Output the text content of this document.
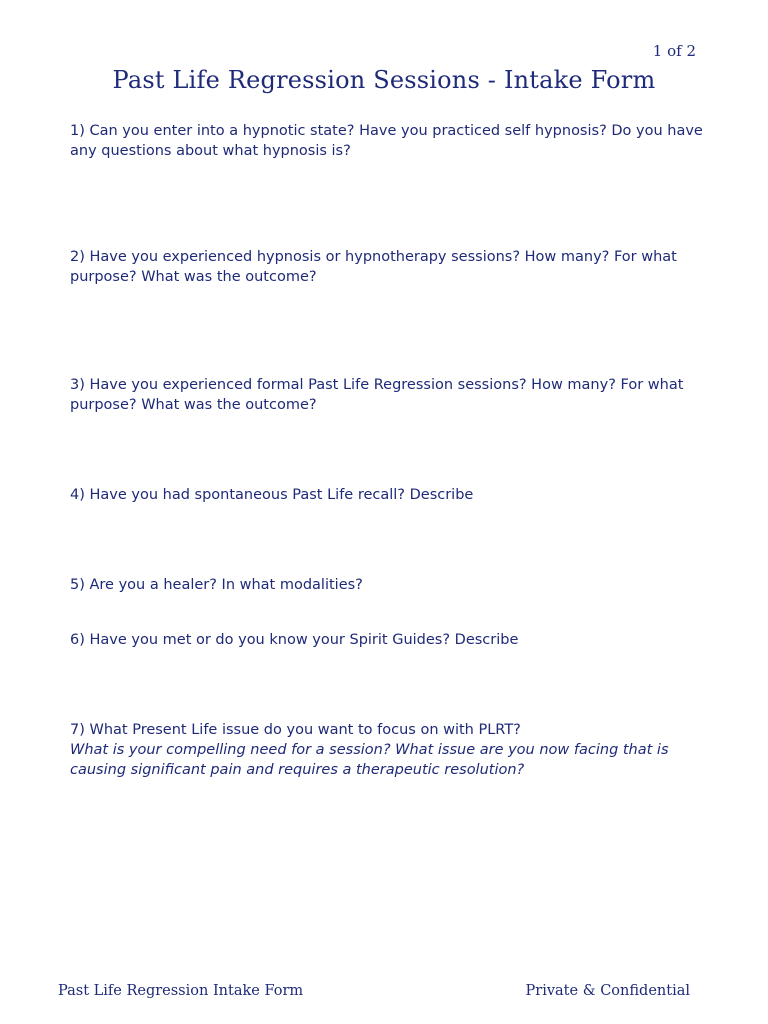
1 of 2
Past Life Regression Sessions - Intake Form
1) Can you enter into a hypnotic state? Have you practiced self hypnosis? Do you have any questions about what hypnosis is?
2) Have you experienced hypnosis or hypnotherapy sessions? How many? For what purpose? What was the outcome?
3) Have you experienced formal Past Life Regression sessions? How many? For what purpose? What was the outcome?
4) Have you had spontaneous Past Life recall? Describe
5) Are you a healer? In what modalities?
6) Have you met or do you know your Spirit Guides? Describe
7) What Present Life issue do you want to focus on with PLRT?
What is your compelling need for a session? What issue are you now facing that is causing significant pain and requires a therapeutic resolution?
Past Life Regression Intake Form	Private & Confidential
